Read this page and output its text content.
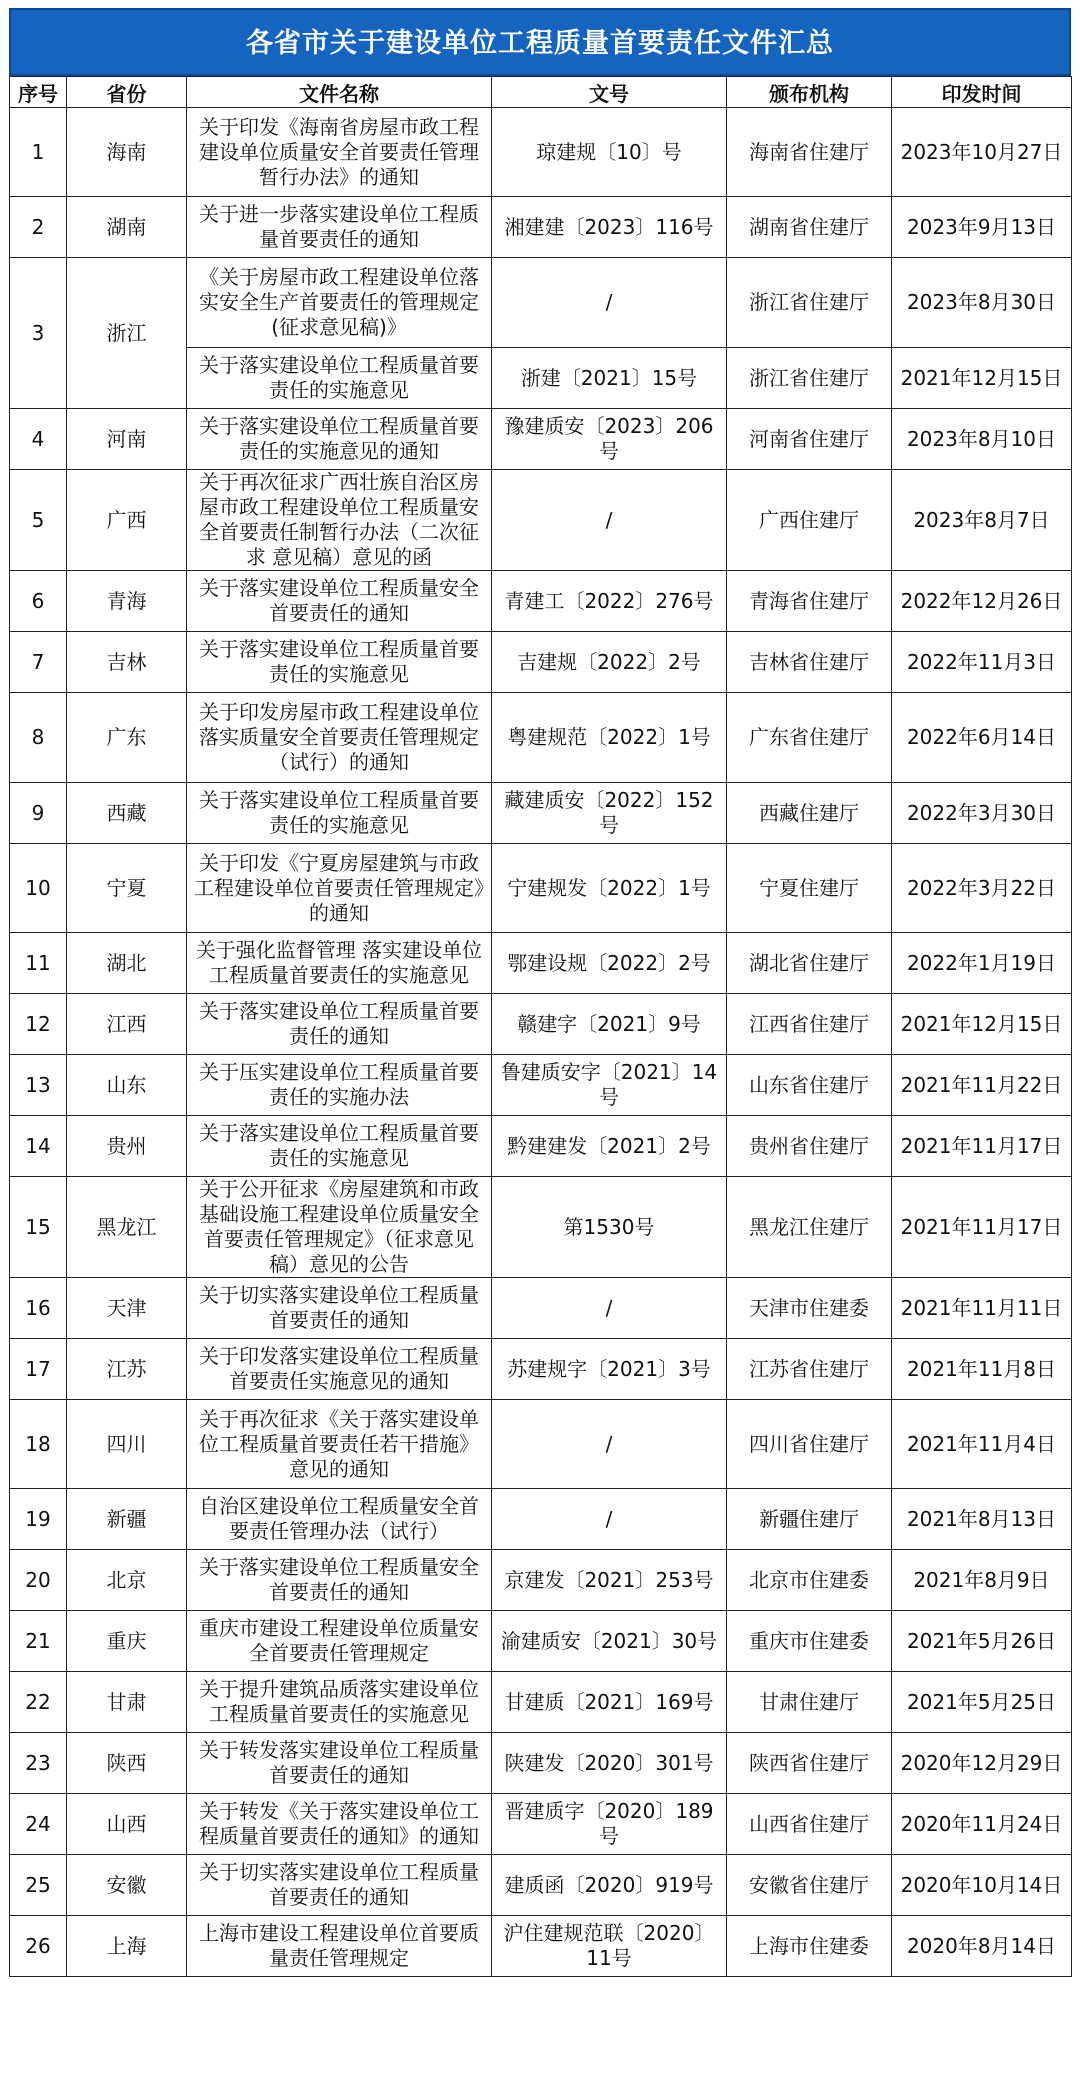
各省市关于建设单位工程质量首要责任文件汇总
序号	省份	文件名称	文号	颁布机构	印发时间
1	海南	关于印发《海南省房屋市政工程建设单位质量安全首要责任管理暂行办法》的通知	琼建规〔10〕号	海南省住建厅	2023年10月27日
2	湖南	关于进一步落实建设单位工程质量首要责任的通知	湘建建〔2023〕116号	湖南省住建厅	2023年9月13日
3	浙江	《关于房屋市政工程建设单位落实安全生产首要责任的管理规定(征求意见稿)》	/	浙江省住建厅	2023年8月30日
		关于落实建设单位工程质量首要责任的实施意见	浙建〔2021〕15号	浙江省住建厅	2021年12月15日
4	河南	关于落实建设单位工程质量首要责任的实施意见的通知	豫建质安〔2023〕206号	河南省住建厅	2023年8月10日
5	广西	关于再次征求广西壮族自治区房屋市政工程建设单位工程质量安全首要责任制暂行办法（二次征求 意见稿）意见的函	/	广西住建厅	2023年8月7日
6	青海	关于落实建设单位工程质量安全首要责任的通知	青建工〔2022〕276号	青海省住建厅	2022年12月26日
7	吉林	关于落实建设单位工程质量首要责任的实施意见	吉建规〔2022〕2号	吉林省住建厅	2022年11月3日
8	广东	关于印发房屋市政工程建设单位落实质量安全首要责任管理规定（试行）的通知	粤建规范〔2022〕1号	广东省住建厅	2022年6月14日
9	西藏	关于落实建设单位工程质量首要责任的实施意见	藏建质安〔2022〕152号	西藏住建厅	2022年3月30日
10	宁夏	关于印发《宁夏房屋建筑与市政工程建设单位首要责任管理规定》的通知	宁建规发〔2022〕1号	宁夏住建厅	2022年3月22日
11	湖北	关于强化监督管理 落实建设单位工程质量首要责任的实施意见	鄂建设规〔2022〕2号	湖北省住建厅	2022年1月19日
12	江西	关于落实建设单位工程质量首要责任的通知	赣建字〔2021〕9号	江西省住建厅	2021年12月15日
13	山东	关于压实建设单位工程质量首要责任的实施办法	鲁建质安字〔2021〕14号	山东省住建厅	2021年11月22日
14	贵州	关于落实建设单位工程质量首要责任的实施意见	黔建建发〔2021〕2号	贵州省住建厅	2021年11月17日
15	黑龙江	关于公开征求《房屋建筑和市政基础设施工程建设单位质量安全首要责任管理规定》（征求意见稿）意见的公告	第1530号	黑龙江住建厅	2021年11月17日
16	天津	关于切实落实建设单位工程质量首要责任的通知	/	天津市住建委	2021年11月11日
17	江苏	关于印发落实建设单位工程质量首要责任实施意见的通知	苏建规字〔2021〕3号	江苏省住建厅	2021年11月8日
18	四川	关于再次征求《关于落实建设单位工程质量首要责任若干措施》意见的通知	/	四川省住建厅	2021年11月4日
19	新疆	自治区建设单位工程质量安全首要责任管理办法（试行）	/	新疆住建厅	2021年8月13日
20	北京	关于落实建设单位工程质量安全首要责任的通知	京建发〔2021〕253号	北京市住建委	2021年8月9日
21	重庆	重庆市建设工程建设单位质量安全首要责任管理规定	渝建质安〔2021〕30号	重庆市住建委	2021年5月26日
22	甘肃	关于提升建筑品质落实建设单位工程质量首要责任的实施意见	甘建质〔2021〕169号	甘肃住建厅	2021年5月25日
23	陕西	关于转发落实建设单位工程质量首要责任的通知	陕建发〔2020〕301号	陕西省住建厅	2020年12月29日
24	山西	关于转发《关于落实建设单位工程质量首要责任的通知》的通知	晋建质字〔2020〕189号	山西省住建厅	2020年11月24日
25	安徽	关于切实落实建设单位工程质量首要责任的通知	建质函〔2020〕919号	安徽省住建厅	2020年10月14日
26	上海	上海市建设工程建设单位首要质量责任管理规定	沪住建规范联〔2020〕11号	上海市住建委	2020年8月14日
